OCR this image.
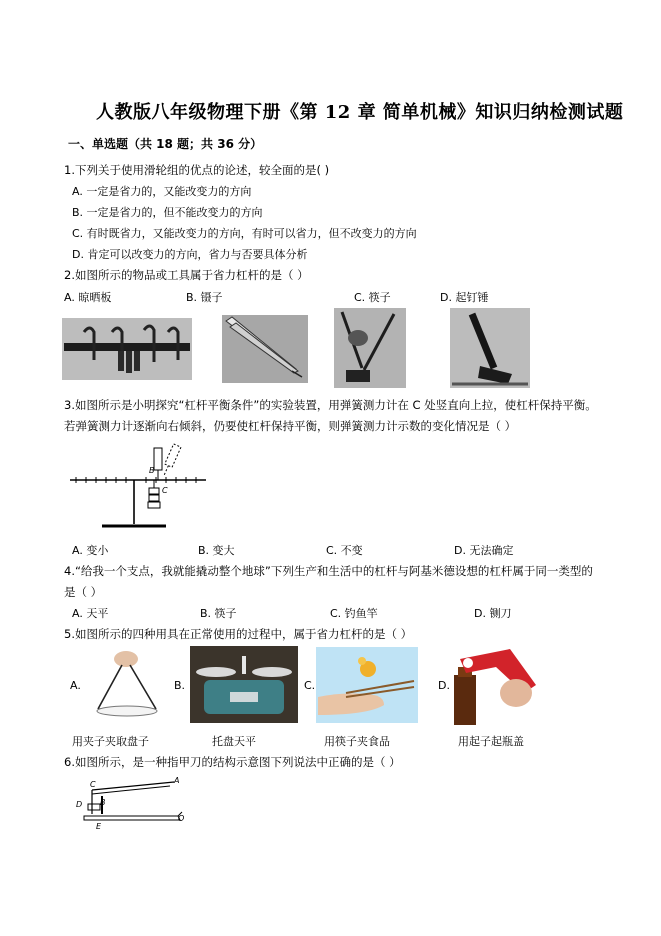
人教版八年级物理下册《第 12 章 简单机械》知识归纳检测试题
一、单选题（共 18 题；共 36 分）
1.下列关于使用滑轮组的优点的论述，较全面的是( )
A. 一定是省力的，又能改变力的方向
B. 一定是省力的，但不能改变力的方向
C. 有时既省力，又能改变力的方向，有时可以省力，但不改变力的方向
D. 肯定可以改变力的方向，省力与否要具体分析
2.如图所示的物品或工具属于省力杠杆的是（ ）
A. 晾晒板	B. 镊子	C. 筷子	D. 起钉锤
3.如图所示是小明探究“杠杆平衡条件”的实验装置，用弹簧测力计在 C 处竖直向上拉，使杠杆保持平衡。
若弹簧测力计逐渐向右倾斜，仍要使杠杆保持平衡，则弹簧测力计示数的变化情况是（ ）
B
C
A. 变小	B. 变大	C. 不变	D. 无法确定
4.“给我一个支点，我就能撬动整个地球”下列生产和生活中的杠杆与阿基米德设想的杠杆属于同一类型的
是（ ）
A. 天平	B. 筷子	C. 钓鱼竿	D. 铡刀
5.如图所示的四种用具在正常使用的过程中，属于省力杠杆的是（ ）
A.	B.	C.	D.
用夹子夹取盘子	托盘天平	用筷子夹食品	用起子起瓶盖
6.如图所示，是一种指甲刀的结构示意图下列说法中正确的是（ ）
C	A
D B
E
O
